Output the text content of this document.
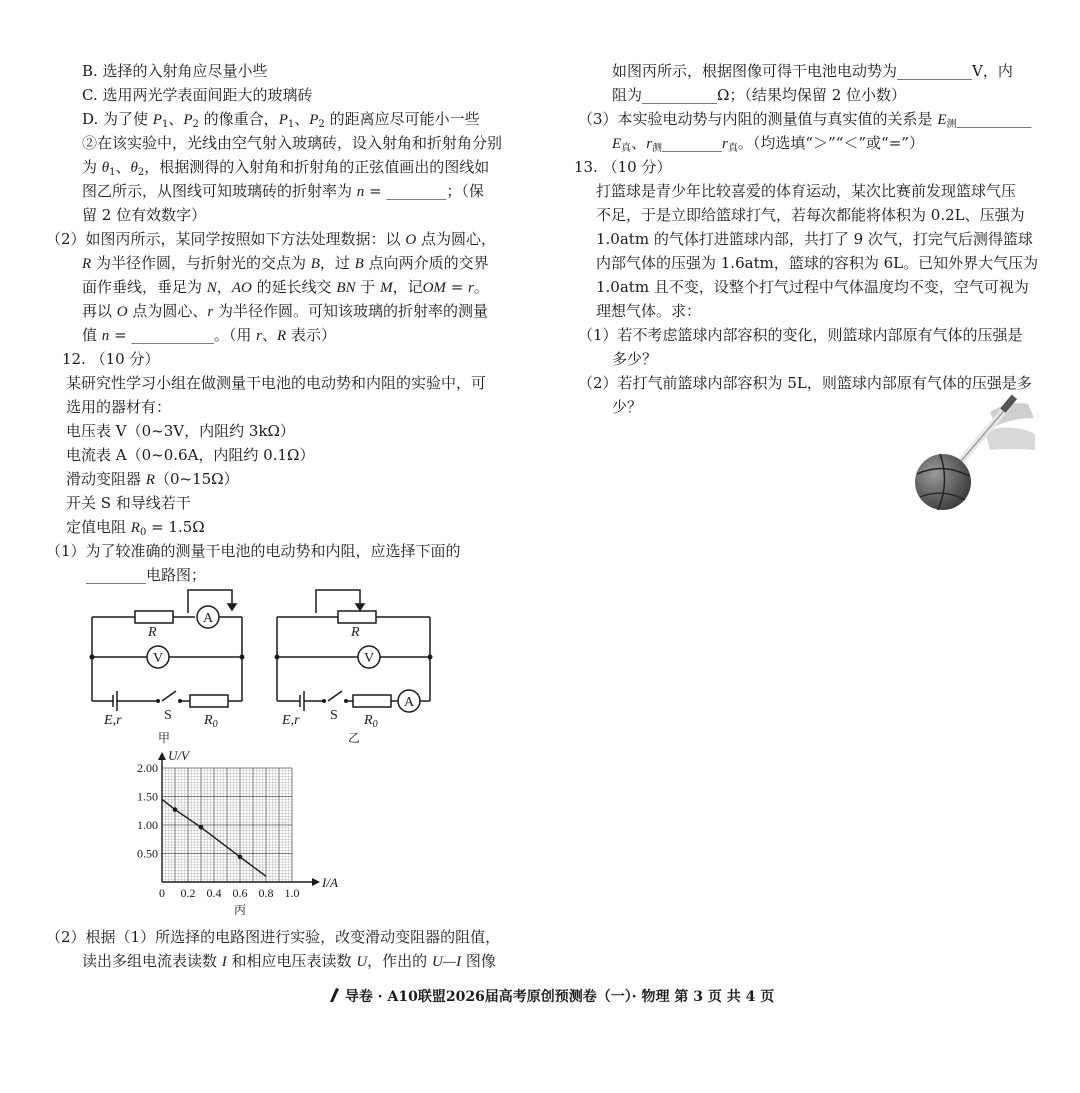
B. 选择的入射角应尽量小些
C. 选用两光学表面间距大的玻璃砖
D. 为了使 $P_1$、$P_2$ 的像重合，$P_1$、$P_2$ 的距离应尽可能小一些
②在该实验中，光线由空气射入玻璃砖，设入射角和折射角分别
为 $\theta_1$、$\theta_2$，根据测得的入射角和折射角的正弦值画出的图线如
图乙所示，从图线可知玻璃砖的折射率为 n = ________；（保
留 2 位有效数字）
（2）如图丙所示，某同学按照如下方法处理数据：以 O 点为圆心，
R 为半径作圆，与折射光的交点为 B，过 B 点向两介质的交界
面作垂线，垂足为 N，AO 的延长线交 BN 于 M，记OM = r。
再以 O 点为圆心、r 为半径作圆。可知该玻璃的折射率的测量
值 n = ___________。（用 r、R 表示）
12. （10 分）
某研究性学习小组在做测量干电池的电动势和内阻的实验中，可
选用的器材有：
电压表 V（0~3V，内阻约 3kΩ）
电流表 A（0~0.6A，内阻约 0.1Ω）
滑动变阻器 R（0~15Ω）
开关 S 和导线若干
定值电阻 $R_0 = 1.5\Omega$
（1）为了较准确的测量干电池的电动势和内阻，应选择下面的
________电路图；
R
A
V
E,r	S $R_0$
甲
R
V
A
E,r S $R_0$
乙
0 0.2 0.4 0.6 0.8 1.0
0.50
1.00
1.50
2.00
U/V
I/A
丙
（2）根据（1）所选择的电路图进行实验，改变滑动变阻器的阻值，
读出多组电流表读数 I 和相应电压表读数 U，作出的 U—I 图像
如图丙所示，根据图像可得干电池电动势为__________V，内
阻为__________Ω；（结果均保留 2 位小数）
（3）本实验电动势与内阻的测量值与真实值的关系是 $E_测\_\_\_\_\_\_\_\_\_\_$
$E_真$、$r_测\_\_\_\_\_\_\_\_r_真$。（均选填“＞”“＜”或“=”）
13. （10 分）
打篮球是青少年比较喜爱的体育运动，某次比赛前发现篮球气压
不足，于是立即给篮球打气，若每次都能将体积为 0.2L、压强为
1.0atm 的气体打进篮球内部，共打了 9 次气，打完气后测得篮球
内部气体的压强为 1.6atm，篮球的容积为 6L。已知外界大气压为
1.0atm 且不变，设整个打气过程中气体温度均不变，空气可视为
理想气体。求：
（1）若不考虑篮球内部容积的变化，则篮球内部原有气体的压强是
多少？
（2）若打气前篮球内部容积为 5L，则篮球内部原有气体的压强是多
少？
导卷 · A10联盟2026届高考原创预测卷（一）· 物理 第 3 页 共 4 页
